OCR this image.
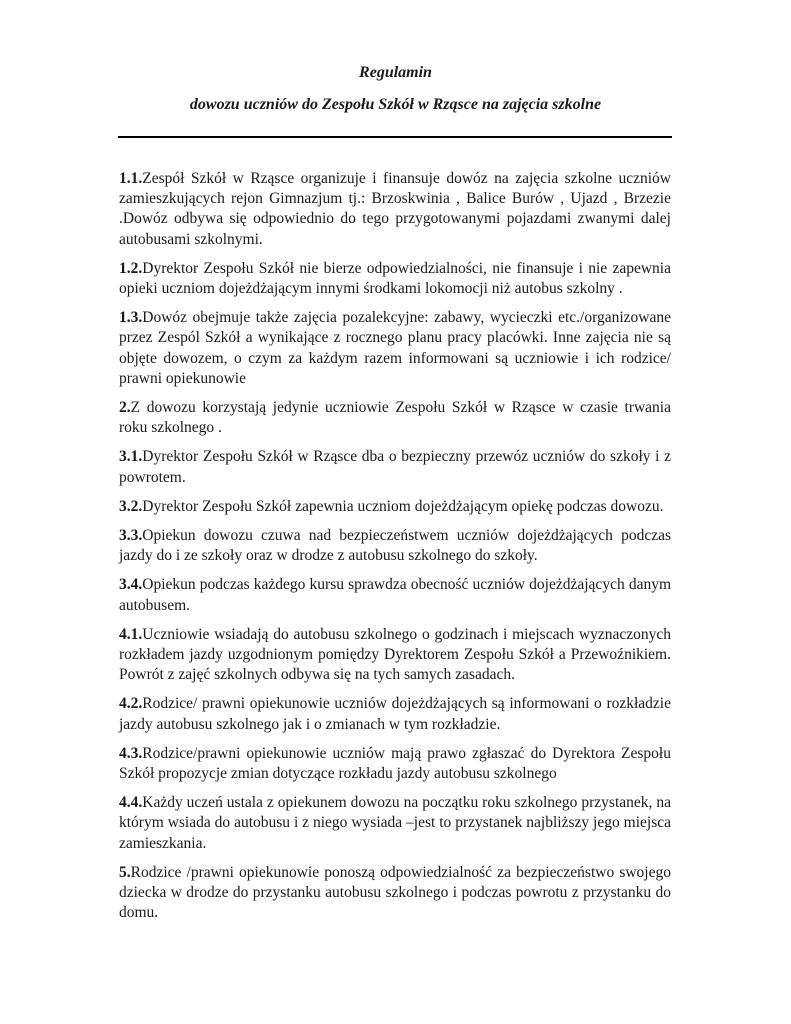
Regulamin

dowozu uczniów do Zespołu Szkół w Rząsce na zajęcia szkolne

1.1.Zespół Szkół w Rząsce organizuje i finansuje dowóz na zajęcia szkolne uczniów zamieszkujących rejon Gimnazjum tj.: Brzoskwinia , Balice Burów , Ujazd , Brzezie .Dowóz odbywa się odpowiednio do tego przygotowanymi pojazdami zwanymi dalej autobusami szkolnymi.

1.2.Dyrektor Zespołu Szkół nie bierze odpowiedzialności, nie finansuje i nie zapewnia opieki uczniom dojeżdżającym innymi środkami lokomocji niż autobus szkolny .

1.3.Dowóz obejmuje także zajęcia pozalekcyjne: zabawy, wycieczki etc./organizowane przez Zespól Szkół a wynikające z rocznego planu pracy placówki. Inne zajęcia nie są objęte dowozem, o czym za każdym razem informowani są uczniowie i ich rodzice/ prawni opiekunowie

2.Z dowozu korzystają jedynie uczniowie Zespołu Szkół w Rząsce w czasie trwania roku szkolnego .

3.1.Dyrektor Zespołu Szkół w Rząsce dba o bezpieczny przewóz uczniów do szkoły i z powrotem.

3.2.Dyrektor Zespołu Szkół zapewnia uczniom dojeżdżającym opiekę podczas dowozu.

3.3.Opiekun dowozu czuwa nad bezpieczeństwem uczniów dojeżdżających podczas jazdy do i ze szkoły oraz w drodze z autobusu szkolnego do szkoły.

3.4.Opiekun podczas każdego kursu sprawdza obecność uczniów dojeżdżających danym autobusem.

4.1.Uczniowie wsiadają do autobusu szkolnego o godzinach i miejscach wyznaczonych rozkładem jazdy uzgodnionym pomiędzy Dyrektorem Zespołu Szkół a Przewoźnikiem. Powrót z zajęć szkolnych odbywa się na tych samych zasadach.

4.2.Rodzice/ prawni opiekunowie uczniów dojeżdżających są informowani o rozkładzie jazdy autobusu szkolnego jak i o zmianach w tym rozkładzie.

4.3.Rodzice/prawni opiekunowie uczniów mają prawo zgłaszać do Dyrektora Zespołu Szkół propozycje zmian dotyczące rozkładu jazdy autobusu szkolnego

4.4.Każdy uczeń ustala z opiekunem dowozu na początku roku szkolnego przystanek, na którym wsiada do autobusu i z niego wysiada –jest to przystanek najbliższy jego miejsca zamieszkania.

5.Rodzice /prawni opiekunowie ponoszą odpowiedzialność za bezpieczeństwo swojego dziecka w drodze do przystanku autobusu szkolnego i podczas powrotu z przystanku do domu.
